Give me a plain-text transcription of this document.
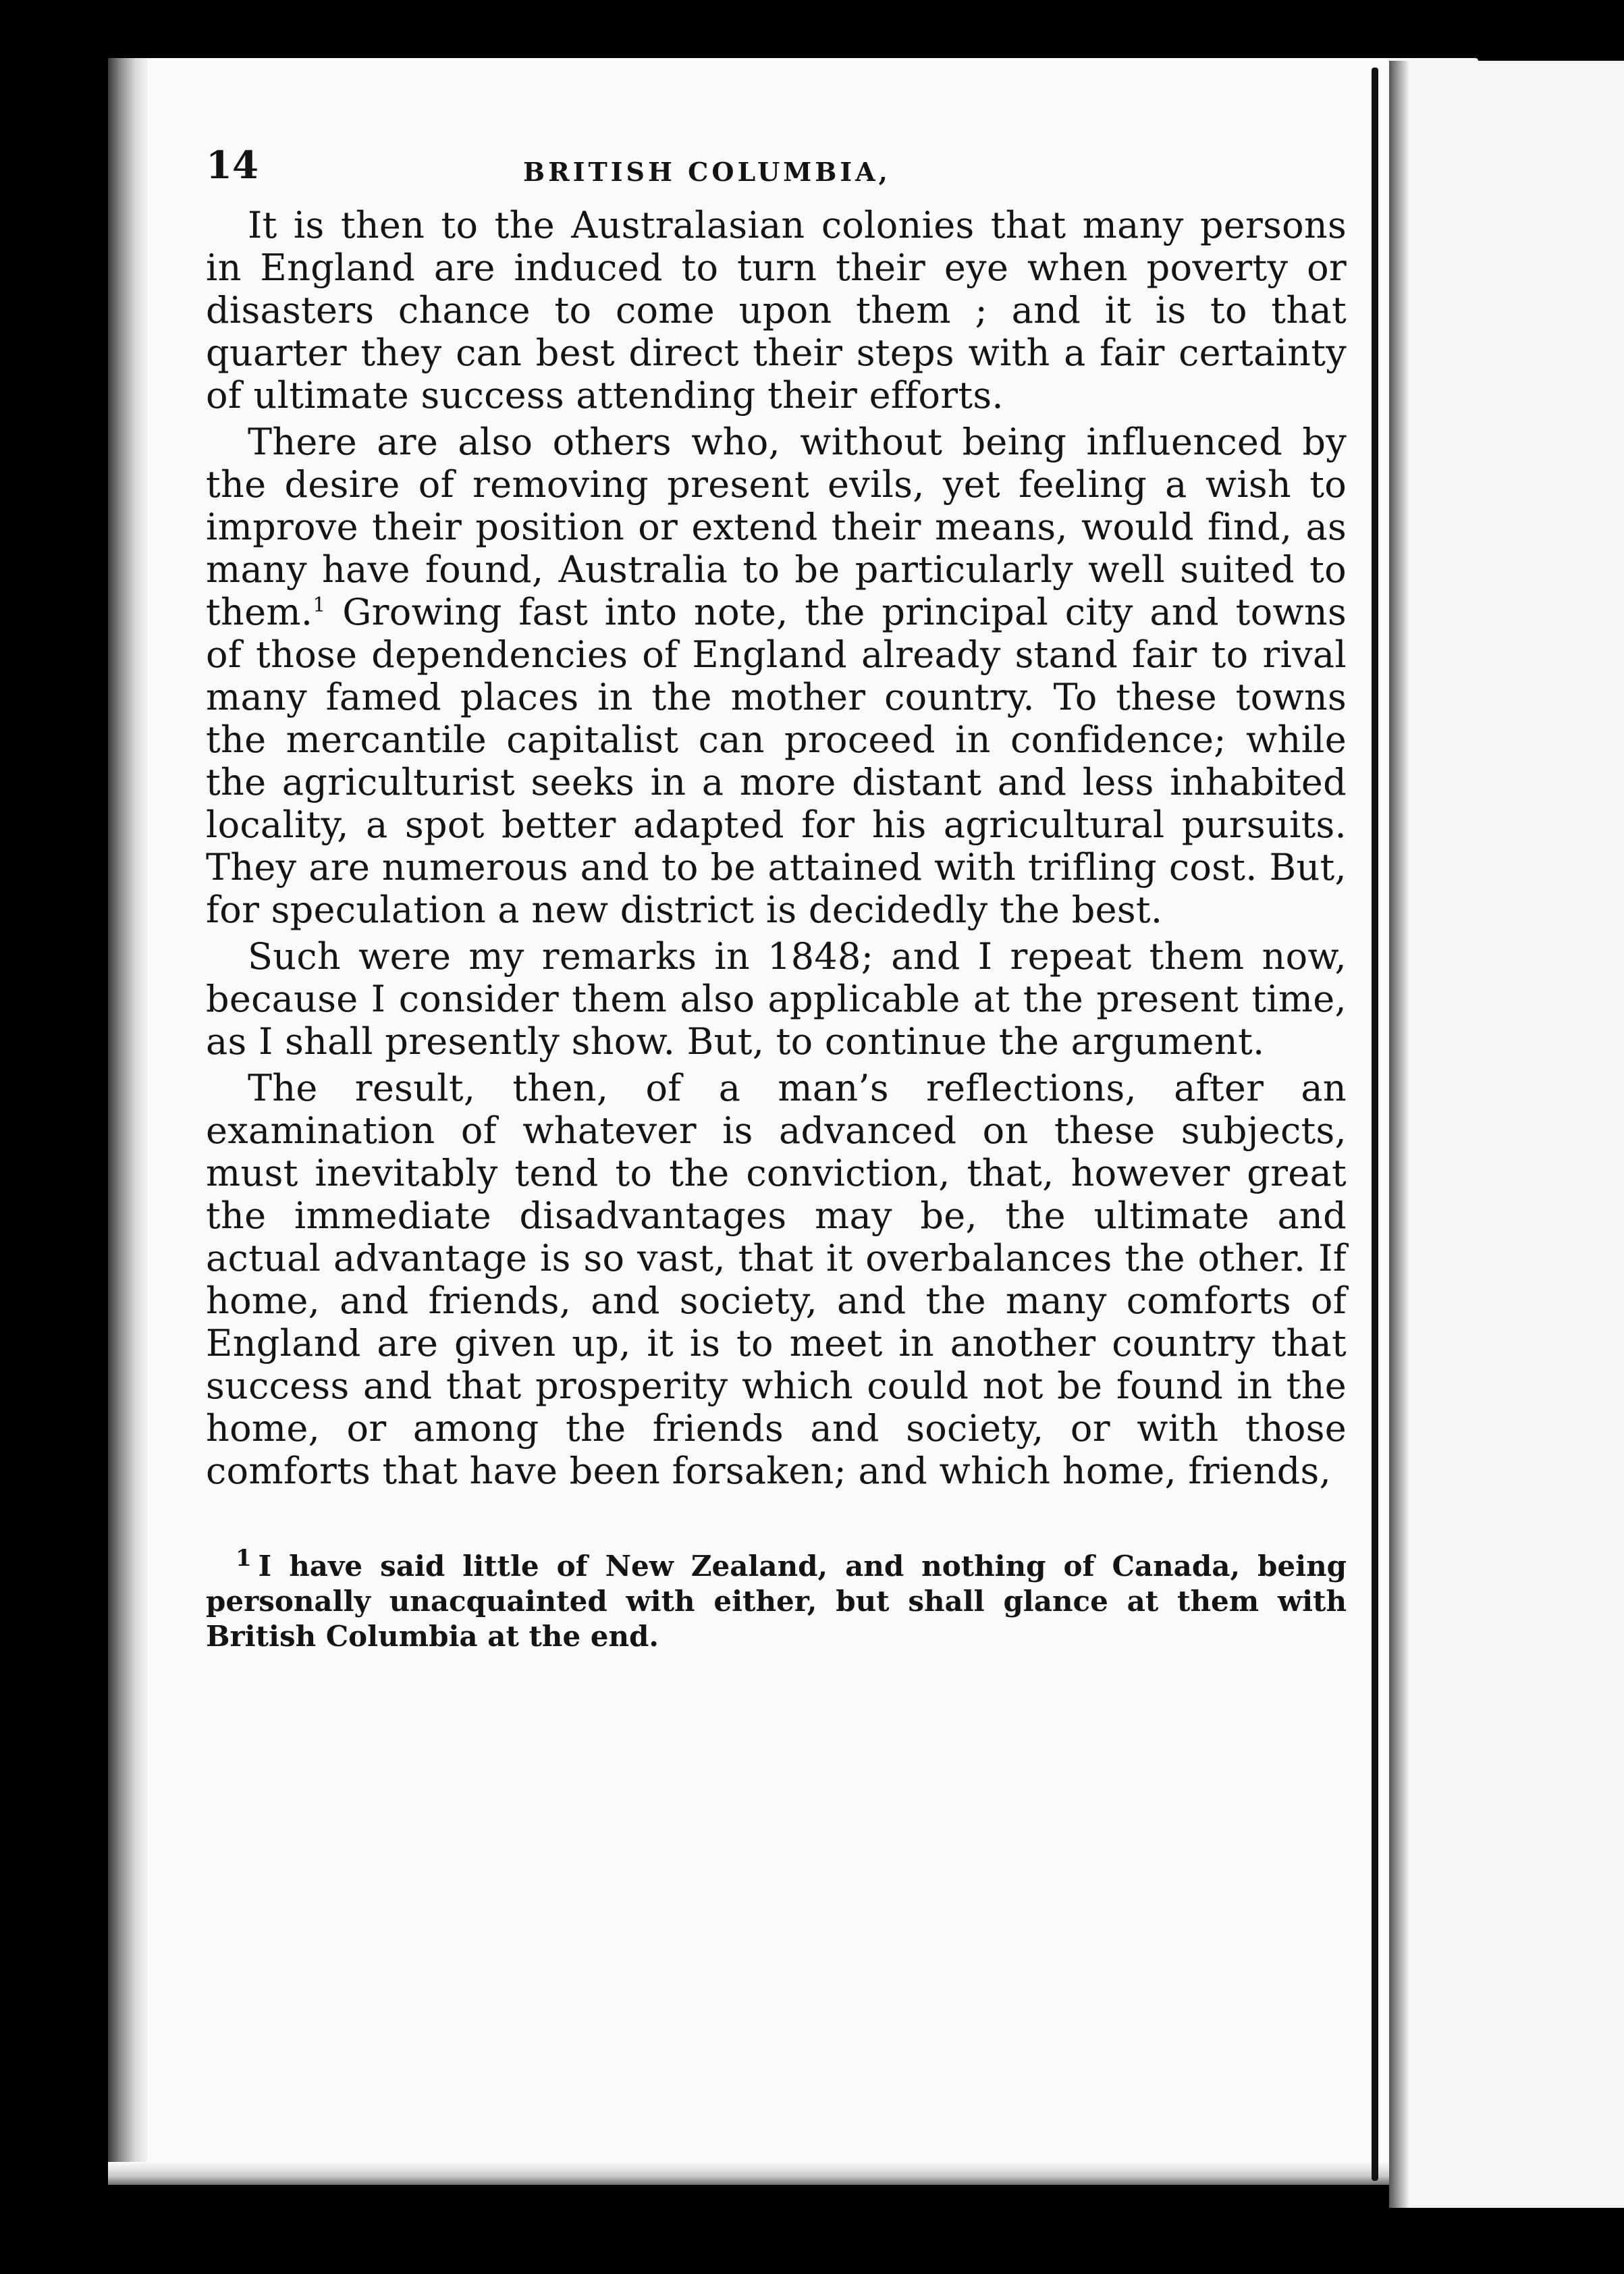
14	BRITISH COLUMBIA,

It is then to the Australasian colonies that many persons in England are induced to turn their eye when poverty or disasters chance to come upon them ; and it is to that quarter they can best direct their steps with a fair certainty of ultimate success attending their efforts.

There are also others who, without being influenced by the desire of removing present evils, yet feeling a wish to improve their position or extend their means, would find, as many have found, Australia to be particularly well suited to them.$^1$ Growing fast into note, the principal city and towns of those dependencies of England already stand fair to rival many famed places in the mother country. To these towns the mercantile capitalist can proceed in confidence; while the agriculturist seeks in a more distant and less inhabited locality, a spot better adapted for his agricultural pursuits. They are numerous and to be attained with trifling cost. But, for speculation a new district is decidedly the best.

Such were my remarks in 1848; and I repeat them now, because I consider them also applicable at the present time, as I shall presently show. But, to continue the argument.

The result, then, of a man’s reflections, after an examination of whatever is advanced on these subjects, must inevitably tend to the conviction, that, however great the immediate disadvantages may be, the ultimate and actual advantage is so vast, that it overbalances the other. If home, and friends, and society, and the many comforts of England are given up, it is to meet in another country that success and that prosperity which could not be found in the home, or among the friends and society, or with those comforts that have been forsaken; and which home, friends,

$^1$ I have said little of New Zealand, and nothing of Canada, being personally unacquainted with either, but shall glance at them with British Columbia at the end.
